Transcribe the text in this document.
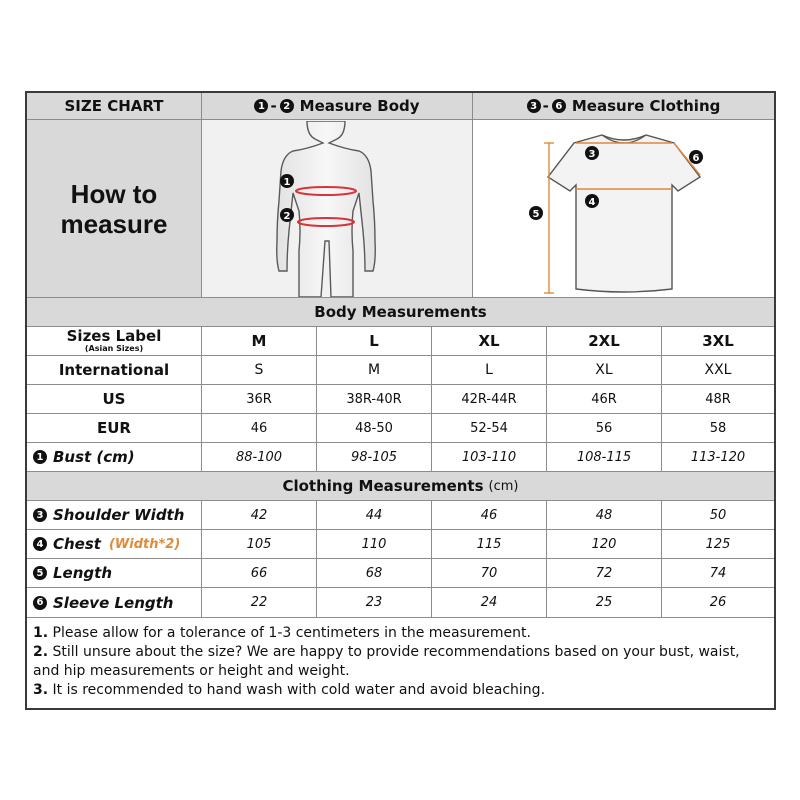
SIZE CHART	1 - 2 Measure Body	3 - 6 Measure Clothing
How to
measure
1
2
3
4
5
6
Body Measurements
Sizes Label
(Asian Sizes)	M	L	XL	2XL	3XL
International	S	M	L	XL	XXL
US	36R	38R-40R	42R-44R	46R	48R
EUR	46	48-50	52-54	56	58
1 Bust (cm)	88-100	98-105	103-110	108-115	113-120
Clothing Measurements (cm)
3 Shoulder Width	42	44	46	48	50
4 Chest (Width*2)	105	110	115	120	125
5 Length	66	68	70	72	74
6 Sleeve Length	22	23	24	25	26
1. Please allow for a tolerance of 1-3 centimeters in the measurement.
2. Still unsure about the size? We are happy to provide recommendations based on your bust, waist, and hip measurements or height and weight.
3. It is recommended to hand wash with cold water and avoid bleaching.
